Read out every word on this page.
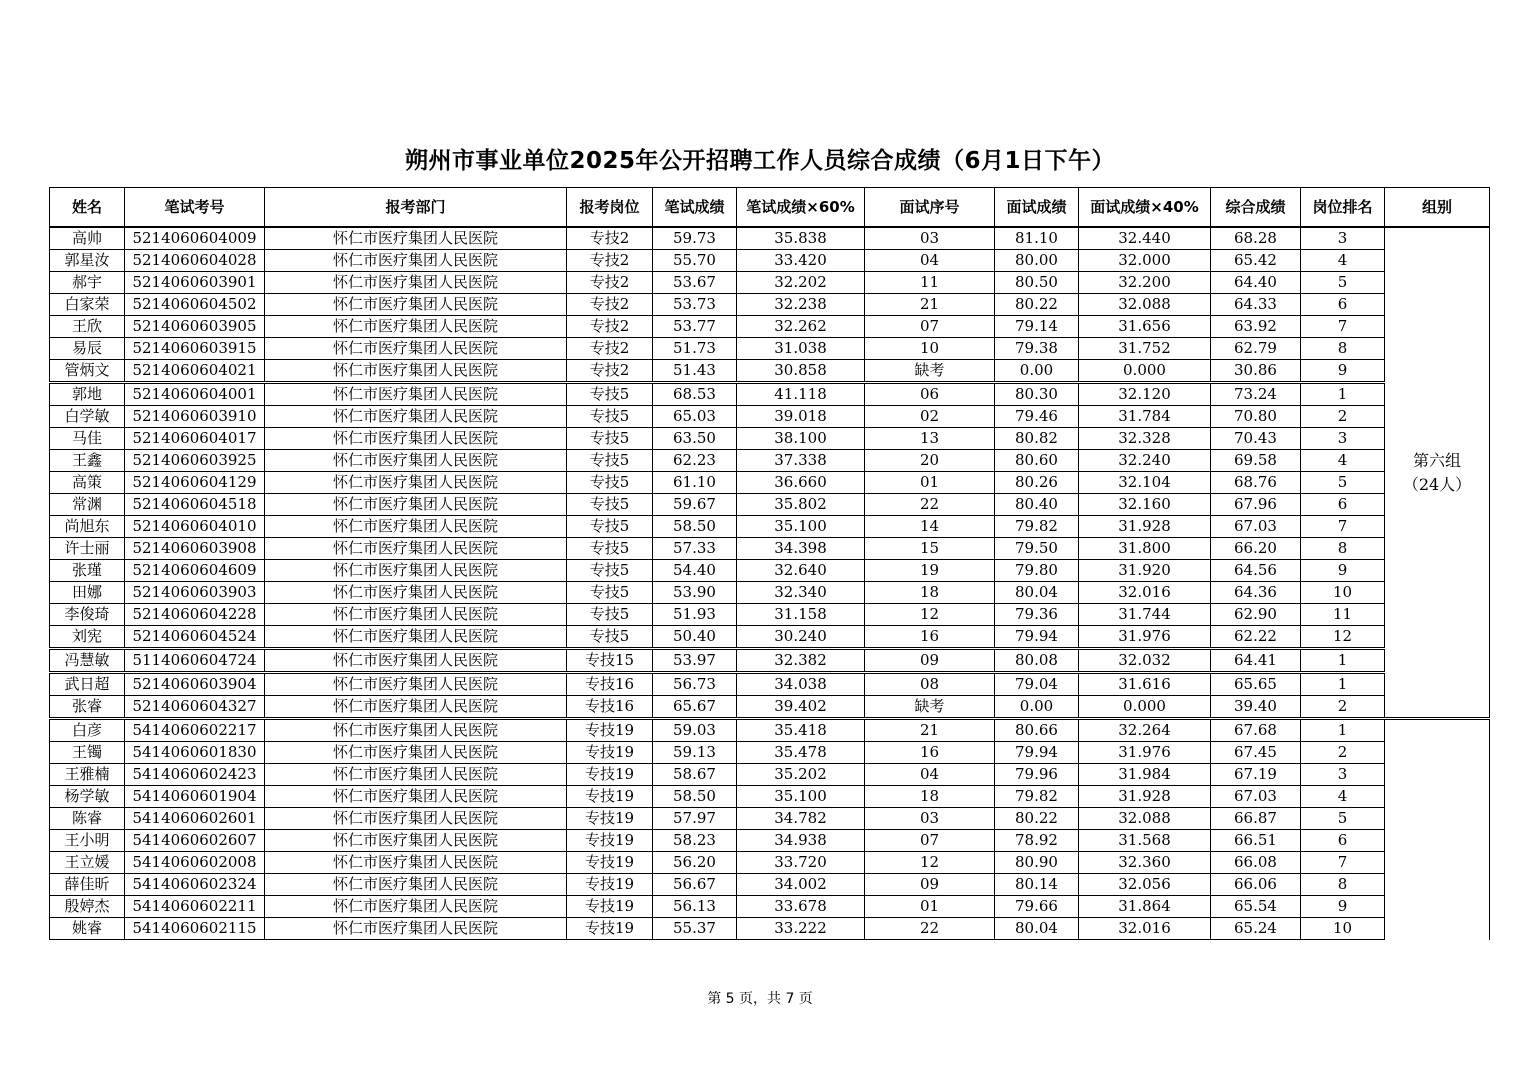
朔州市事业单位2025年公开招聘工作人员综合成绩（6月1日下午）
姓名	笔试考号	报考部门	报考岗位	笔试成绩	笔试成绩×60%	面试序号	面试成绩	面试成绩×40%	综合成绩	岗位排名	组别
高帅	5214060604009	怀仁市医疗集团人民医院	专技2	59.73	35.838	03	81.10	32.440	68.28	3	第六组
（24人）

郭星汝	5214060604028	怀仁市医疗集团人民医院	专技2	55.70	33.420	04	80.00	32.000	65.42	4	
郝宇	5214060603901	怀仁市医疗集团人民医院	专技2	53.67	32.202	11	80.50	32.200	64.40	5	
白家荣	5214060604502	怀仁市医疗集团人民医院	专技2	53.73	32.238	21	80.22	32.088	64.33	6	
王欣	5214060603905	怀仁市医疗集团人民医院	专技2	53.77	32.262	07	79.14	31.656	63.92	7	
易辰	5214060603915	怀仁市医疗集团人民医院	专技2	51.73	31.038	10	79.38	31.752	62.79	8	
管炳文	5214060604021	怀仁市医疗集团人民医院	专技2	51.43	30.858	缺考	0.00	0.000	30.86	9	
郭地	5214060604001	怀仁市医疗集团人民医院	专技5	68.53	41.118	06	80.30	32.120	73.24	1	
白学敏	5214060603910	怀仁市医疗集团人民医院	专技5	65.03	39.018	02	79.46	31.784	70.80	2	
马佳	5214060604017	怀仁市医疗集团人民医院	专技5	63.50	38.100	13	80.82	32.328	70.43	3	
王鑫	5214060603925	怀仁市医疗集团人民医院	专技5	62.23	37.338	20	80.60	32.240	69.58	4	
高策	5214060604129	怀仁市医疗集团人民医院	专技5	61.10	36.660	01	80.26	32.104	68.76	5	
常渊	5214060604518	怀仁市医疗集团人民医院	专技5	59.67	35.802	22	80.40	32.160	67.96	6	
尚旭东	5214060604010	怀仁市医疗集团人民医院	专技5	58.50	35.100	14	79.82	31.928	67.03	7	
许士丽	5214060603908	怀仁市医疗集团人民医院	专技5	57.33	34.398	15	79.50	31.800	66.20	8	
张瑾	5214060604609	怀仁市医疗集团人民医院	专技5	54.40	32.640	19	79.80	31.920	64.56	9	
田娜	5214060603903	怀仁市医疗集团人民医院	专技5	53.90	32.340	18	80.04	32.016	64.36	10	
李俊琦	5214060604228	怀仁市医疗集团人民医院	专技5	51.93	31.158	12	79.36	31.744	62.90	11	
刘宪	5214060604524	怀仁市医疗集团人民医院	专技5	50.40	30.240	16	79.94	31.976	62.22	12	
冯慧敏	5114060604724	怀仁市医疗集团人民医院	专技15	53.97	32.382	09	80.08	32.032	64.41	1	
武日超	5214060603904	怀仁市医疗集团人民医院	专技16	56.73	34.038	08	79.04	31.616	65.65	1	
张睿	5214060604327	怀仁市医疗集团人民医院	专技16	65.67	39.402	缺考	0.00	0.000	39.40	2	
白彦	5414060602217	怀仁市医疗集团人民医院	专技19	59.03	35.418	21	80.66	32.264	67.68	1	

王镯	5414060601830	怀仁市医疗集团人民医院	专技19	59.13	35.478	16	79.94	31.976	67.45	2	
王雅楠	5414060602423	怀仁市医疗集团人民医院	专技19	58.67	35.202	04	79.96	31.984	67.19	3	
杨学敏	5414060601904	怀仁市医疗集团人民医院	专技19	58.50	35.100	18	79.82	31.928	67.03	4	
陈睿	5414060602601	怀仁市医疗集团人民医院	专技19	57.97	34.782	03	80.22	32.088	66.87	5	
王小明	5414060602607	怀仁市医疗集团人民医院	专技19	58.23	34.938	07	78.92	31.568	66.51	6	
王立媛	5414060602008	怀仁市医疗集团人民医院	专技19	56.20	33.720	12	80.90	32.360	66.08	7	
薛佳昕	5414060602324	怀仁市医疗集团人民医院	专技19	56.67	34.002	09	80.14	32.056	66.06	8	
殷婷杰	5414060602211	怀仁市医疗集团人民医院	专技19	56.13	33.678	01	79.66	31.864	65.54	9	
姚睿	5414060602115	怀仁市医疗集团人民医院	专技19	55.37	33.222	22	80.04	32.016	65.24	10	
第 5 页，共 7 页
